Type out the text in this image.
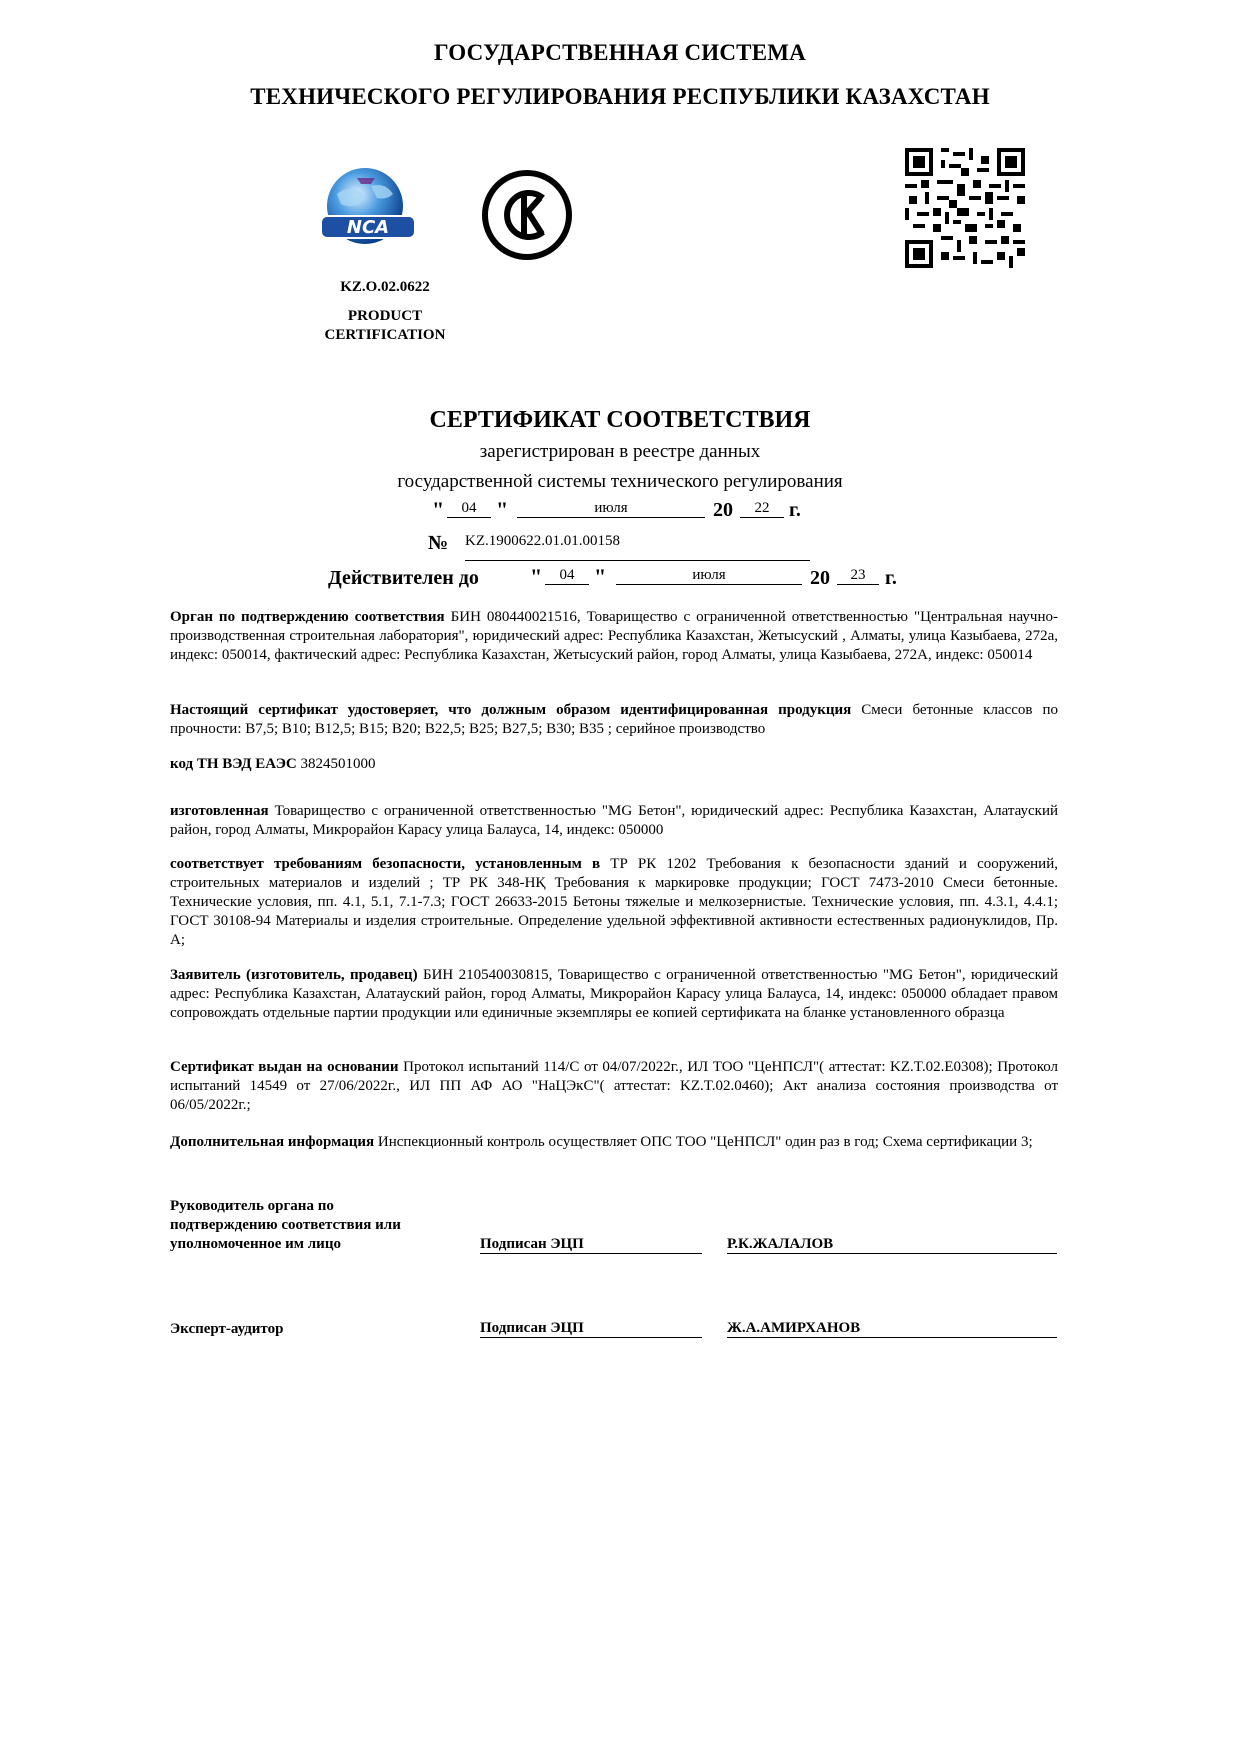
ГОСУДАРСТВЕННАЯ СИСТЕМА
ТЕХНИЧЕСКОГО РЕГУЛИРОВАНИЯ РЕСПУБЛИКИ КАЗАХСТАН
NCA
KZ.O.02.0622
PRODUCT
CERTIFICATION
СЕРТИФИКАТ СООТВЕТСТВИЯ
зарегистрирован в реестре данных
государственной системы технического регулирования
"	04 "	июля	20	22 г.
№ KZ.1900622.01.01.00158
Действителен до "	04 "	июля	20	23 г.
Орган по подтверждению соответствия БИН 080440021516, Товарищество с ограниченной ответственностью "Центральная научно-производственная строительная лаборатория", юридический адрес: Республика Казахстан, Жетысуский , Алматы, улица Казыбаева, 272а, индекс: 050014, фактический адрес: Республика Казахстан, Жетысуский район, город Алматы, улица Казыбаева, 272А, индекс: 050014
Настоящий сертификат удостоверяет, что должным образом идентифицированная продукция Смеси бетонные классов по прочности: В7,5; В10; В12,5; В15; В20; В22,5; В25; В27,5; В30; В35 ; серийное производство
код ТН ВЭД ЕАЭС 3824501000
изготовленная Товарищество с ограниченной ответственностью "MG Бетон", юридический адрес: Республика Казахстан, Алатауский район, город Алматы, Микрорайон Карасу улица Балауса, 14, индекс: 050000
соответствует требованиям безопасности, установленным в ТР РК 1202 Требования к безопасности зданий и сооружений, строительных материалов и изделий ; ТР РК 348-НҚ Требования к маркировке продукции; ГОСТ 7473-2010 Смеси бетонные. Технические условия, пп. 4.1, 5.1, 7.1-7.3; ГОСТ 26633-2015 Бетоны тяжелые и мелкозернистые. Технические условия, пп. 4.3.1, 4.4.1; ГОСТ 30108-94 Материалы и изделия строительные. Определение удельной эффективной активности естественных радионуклидов, Пр. А;
Заявитель (изготовитель, продавец) БИН 210540030815, Товарищество с ограниченной ответственностью "MG Бетон", юридический адрес: Республика Казахстан, Алатауский район, город Алматы, Микрорайон Карасу улица Балауса, 14, индекс: 050000 обладает правом сопровождать отдельные партии продукции или единичные экземпляры ее копией сертификата на бланке установленного образца
Сертификат выдан на основании Протокол испытаний 114/С от 04/07/2022г., ИЛ ТОО "ЦеНПСЛ"( аттестат: KZ.T.02.E0308); Протокол испытаний 14549 от 27/06/2022г., ИЛ ПП АФ АО "НаЦЭкС"( аттестат: KZ.T.02.0460); Акт анализа состояния производства от 06/05/2022г.;
Дополнительная информация Инспекционный контроль осуществляет ОПС ТОО "ЦеНПСЛ" один раз в год; Схема сертификации 3;
Руководитель органа по
подтверждению соответствия или
уполномоченное им лицо	Подписан ЭЦП	Р.К.ЖАЛАЛОВ
Эксперт-аудитор	Подписан ЭЦП	Ж.А.АМИРХАНОВ
